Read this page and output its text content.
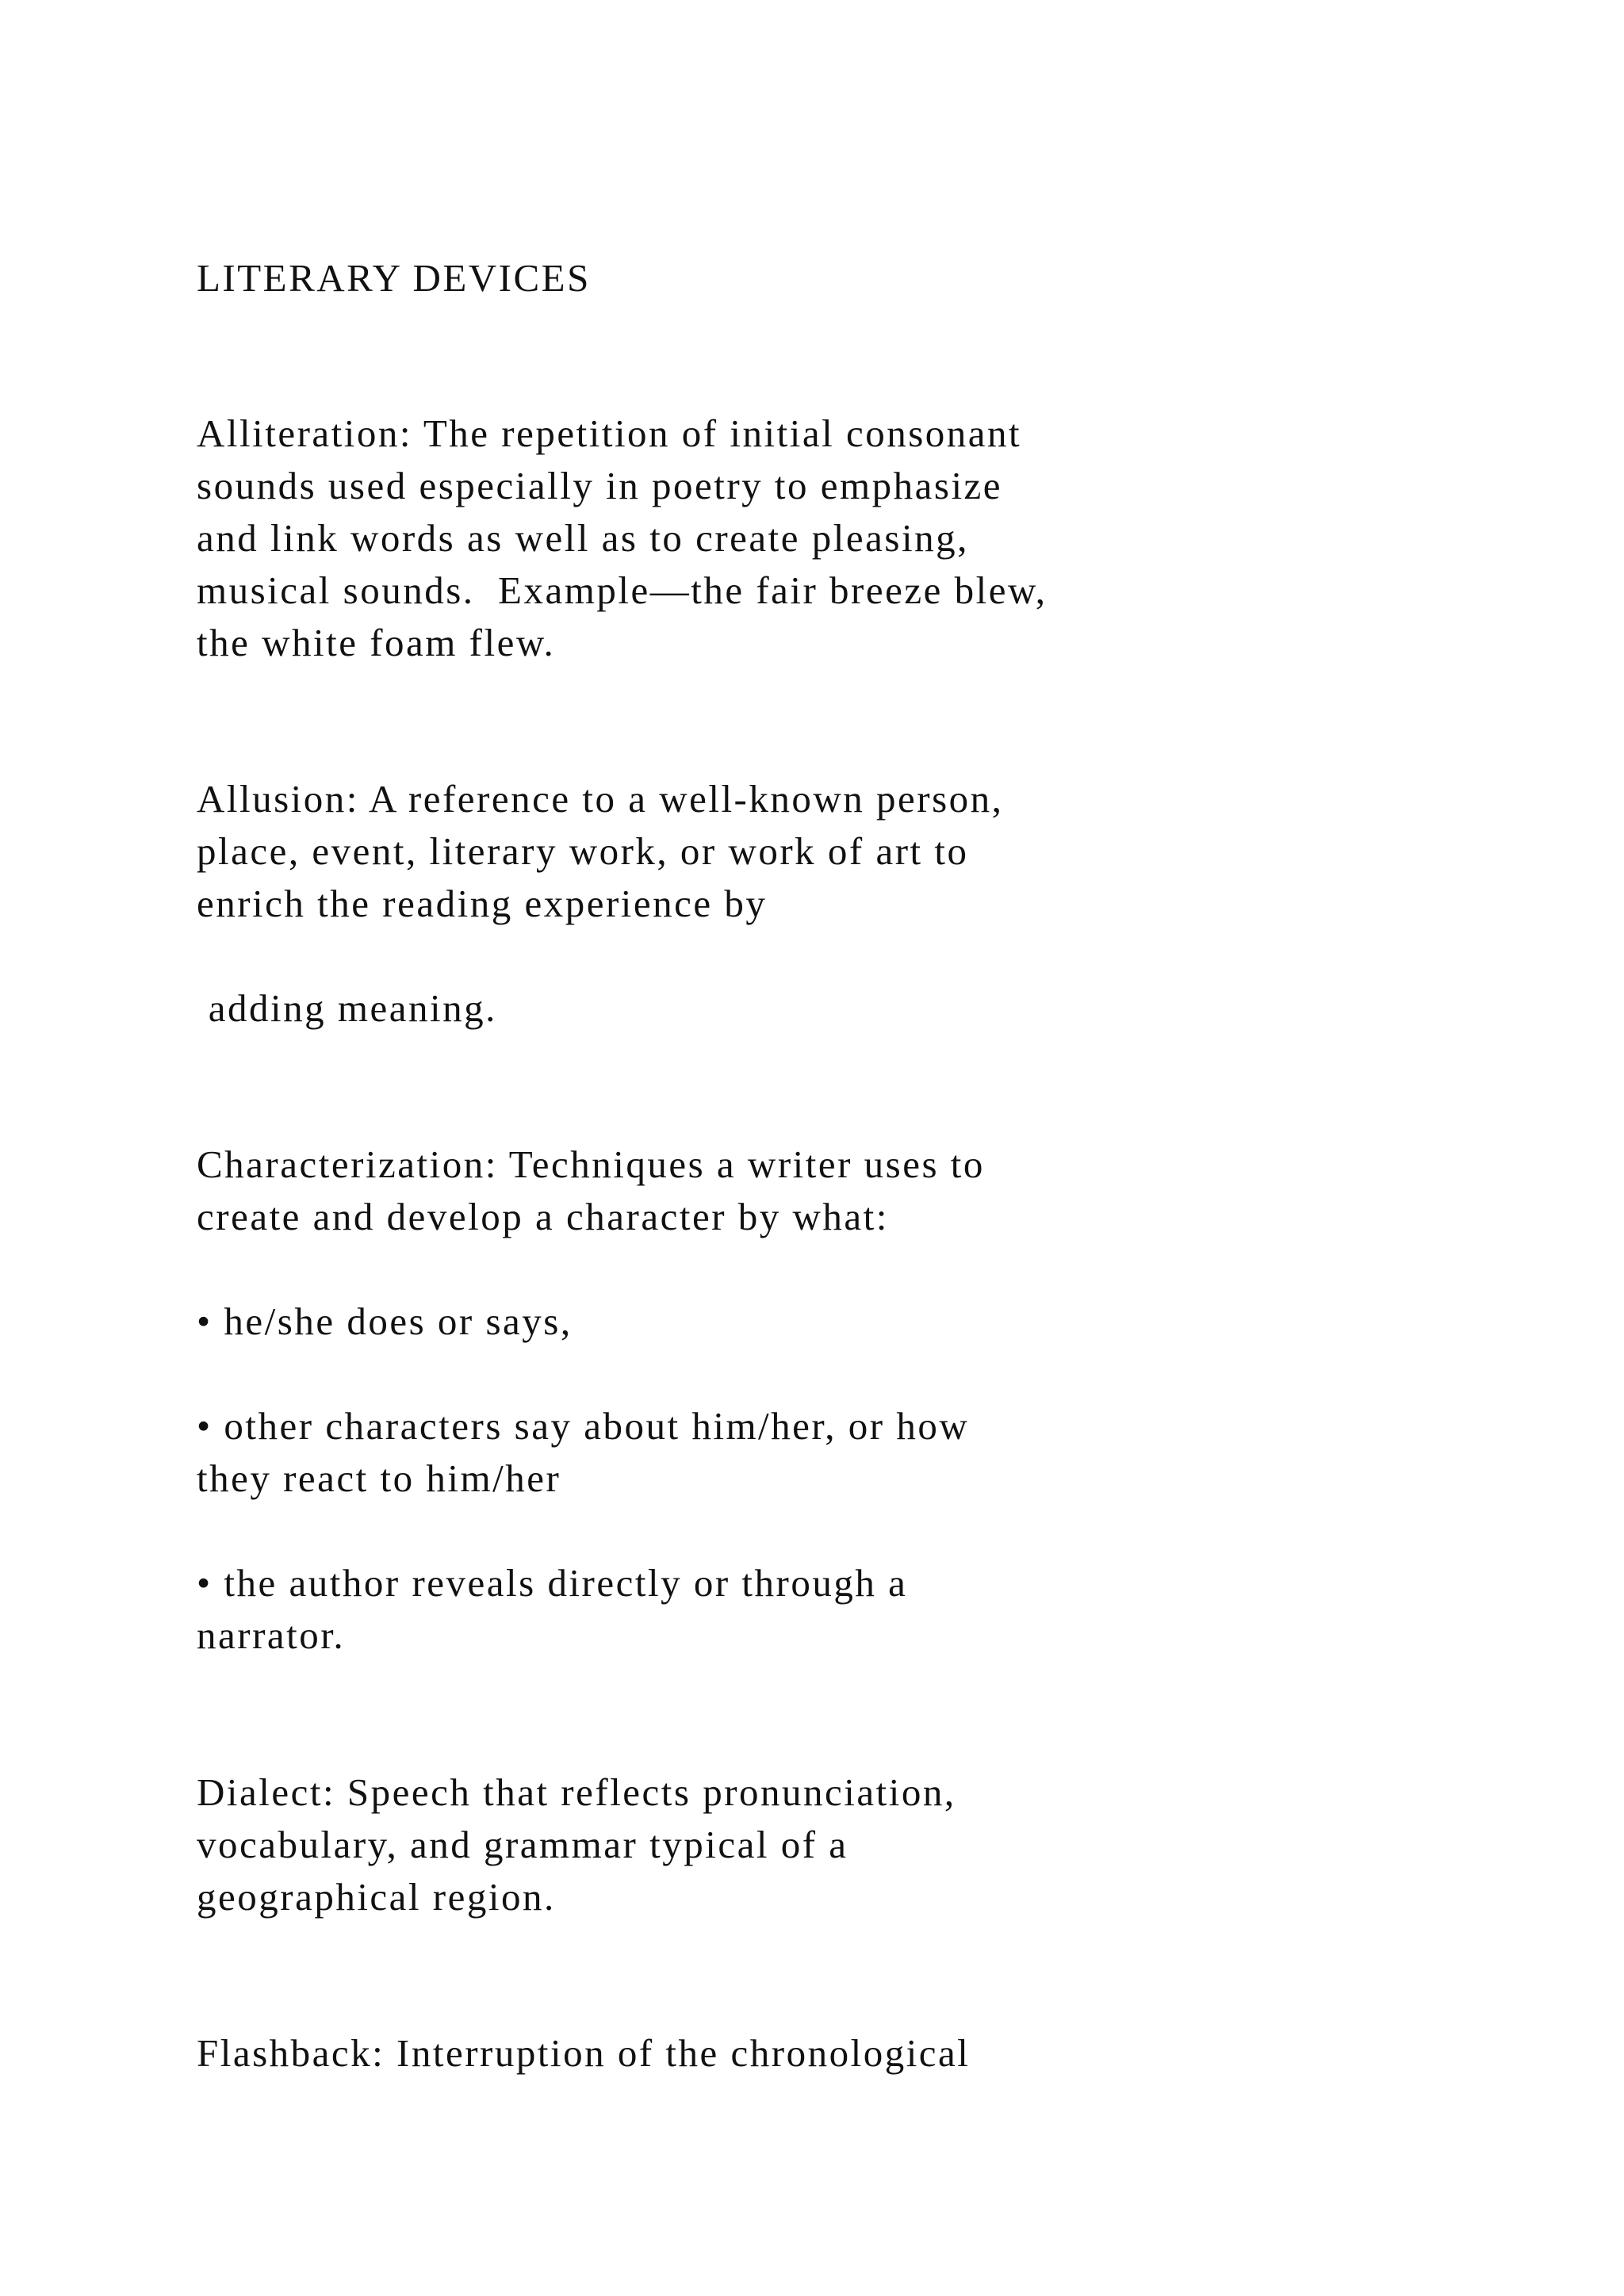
LITERARY DEVICES

Alliteration: The repetition of initial consonant

sounds used especially in poetry to emphasize

and link words as well as to create pleasing,

musical sounds.  Example—the fair breeze blew,

the white foam flew.

Allusion: A reference to a well-known person,

place, event, literary work, or work of art to

enrich the reading experience by

adding meaning.

Characterization: Techniques a writer uses to

create and develop a character by what:

• he/she does or says,

• other characters say about him/her, or how

they react to him/her

• the author reveals directly or through a

narrator.

Dialect: Speech that reflects pronunciation,

vocabulary, and grammar typical of a

geographical region.

Flashback: Interruption of the chronological
